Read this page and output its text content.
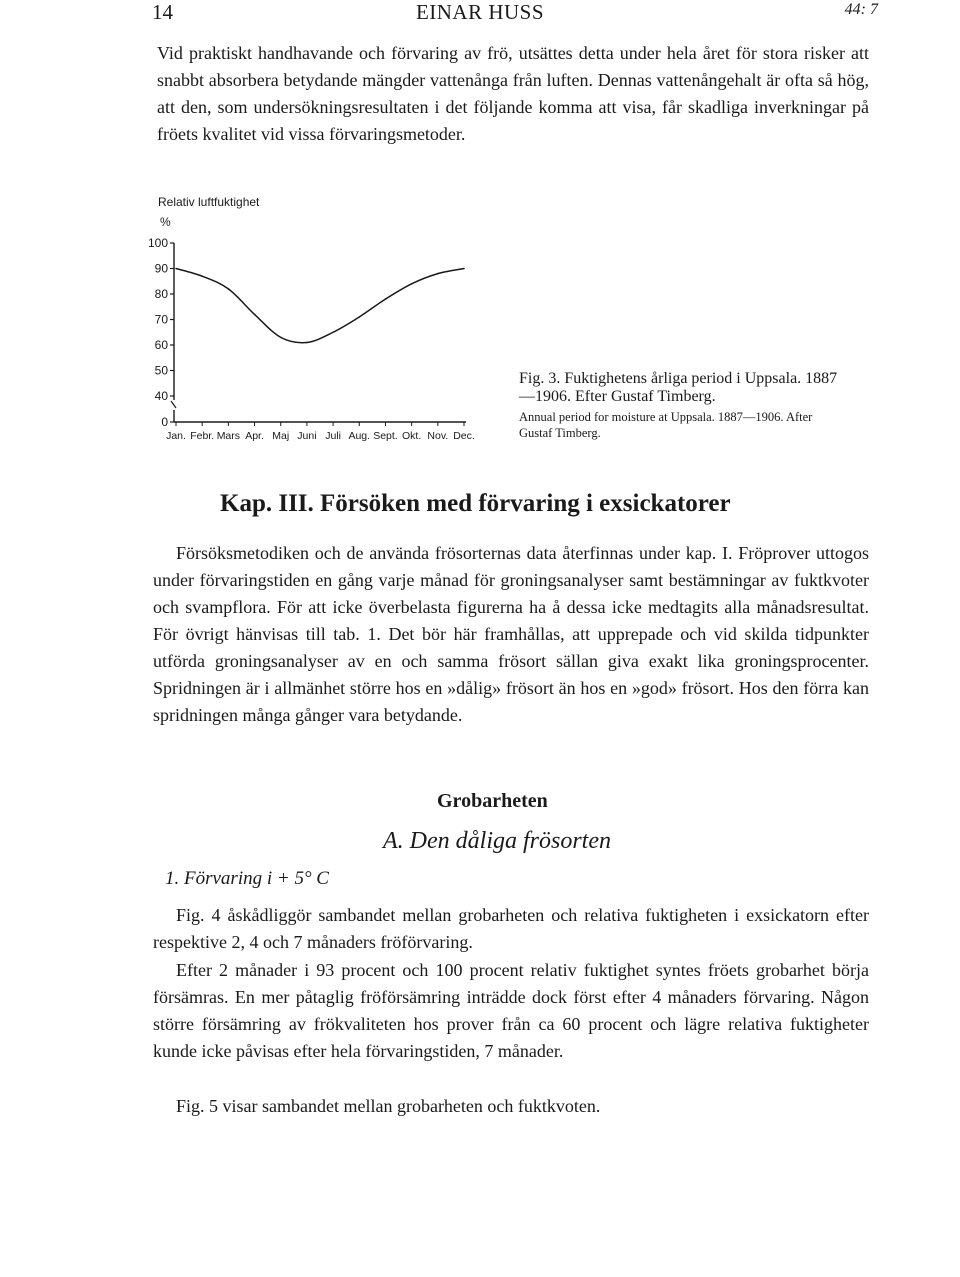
14	EINAR HUSS	44: 7

Vid praktiskt handhavande och förvaring av frö, utsättes detta under hela året för stora risker att snabbt absorbera betydande mängder vattenånga från luften. Dennas vattenångehalt är ofta så hög, att den, som undersökningsresultaten i det följande komma att visa, får skadliga inverkningar på fröets kvalitet vid vissa förvaringsmetoder.

Relativ luftfuktighet
%
0
40
50
60
70
80
90
100
Jan. Febr. Mars Apr. Maj Juni Juli Aug. Sept. Okt. Nov. Dec.
Fig. 3. Fuktighetens årliga period i Uppsala. 1887—1906. Efter Gustaf Timberg.
Annual period for moisture at Uppsala. 1887—1906. After Gustaf Timberg.
Kap. III. Försöken med förvaring i exsickatorer

Försöksmetodiken och de använda frösorternas data återfinnas under kap. I. Fröprover uttogos under förvaringstiden en gång varje månad för groningsanalyser samt bestämningar av fuktkvoter och svampflora. För att icke överbelasta figurerna ha å dessa icke medtagits alla månadsresultat. För övrigt hänvisas till tab. 1. Det bör här framhållas, att upprepade och vid skilda tidpunkter utförda groningsanalyser av en och samma frösort sällan giva exakt lika groningsprocenter. Spridningen är i allmänhet större hos en »dålig» frösort än hos en »god» frösort. Hos den förra kan spridningen många gånger vara betydande.

Grobarheten
A. Den dåliga frösorten
1. Förvaring i + 5° C

Fig. 4 åskådliggör sambandet mellan grobarheten och relativa fuktigheten i exsickatorn efter respektive 2, 4 och 7 månaders fröförvaring.

Efter 2 månader i 93 procent och 100 procent relativ fuktighet syntes fröets grobarhet börja försämras. En mer påtaglig fröförsämring inträdde dock först efter 4 månaders förvaring. Någon större försämring av frökvaliteten hos prover från ca 60 procent och lägre relativa fuktigheter kunde icke påvisas efter hela förvaringstiden, 7 månader.

Fig. 5 visar sambandet mellan grobarheten och fuktkvoten.
